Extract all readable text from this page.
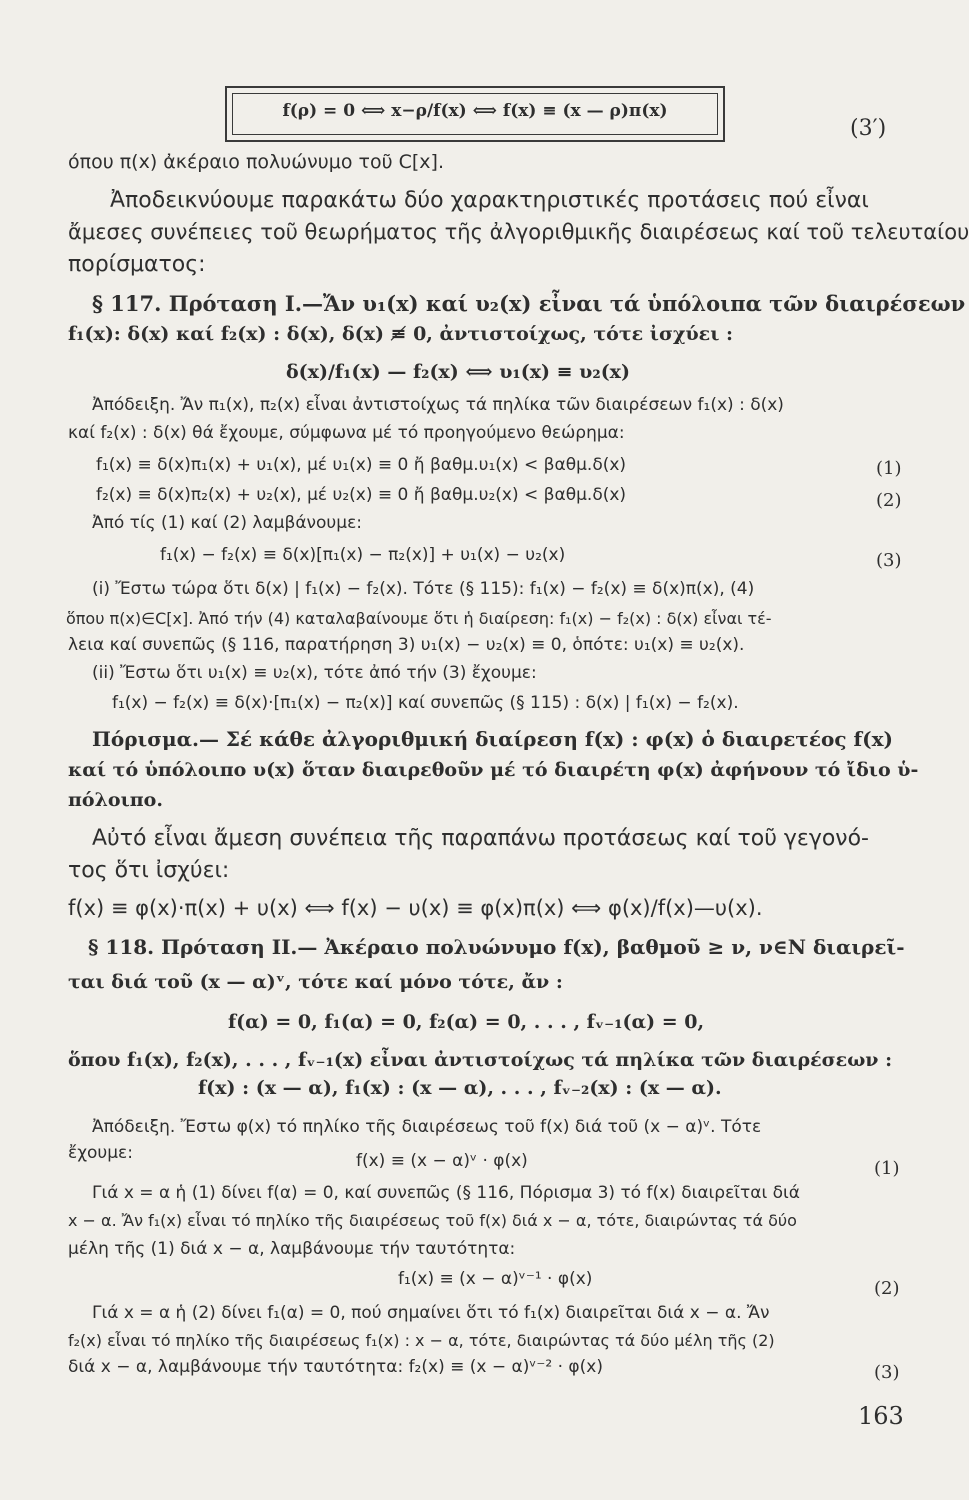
f(ρ) = 0 ⟺ x−ρ/f(x) ⟺ f(x) ≡ (x — ρ)π(x)
(3′)
όπου π(x) ἀκέραιο πολυώνυμο τοῦ C[x].
Ἀποδεικνύουμε παρακάτω δύο χαρακτηριστικές προτάσεις πού εἶναι
ἄμεσες συνέπειες τοῦ θεωρήματος τῆς ἀλγοριθμικῆς διαιρέσεως καί τοῦ τελευταίου
πορίσματος:
§ 117. Πρόταση I.—Ἄν υ₁(x) καί υ₂(x) εἶναι τά ὑπόλοιπα τῶν διαιρέσεων
f₁(x): δ(x) καί f₂(x) : δ(x), δ(x) ≢ 0, ἀντιστοίχως, τότε ἰσχύει :
δ(x)/f₁(x) — f₂(x) ⟺ υ₁(x) ≡ υ₂(x)
Ἀπόδειξη. Ἄν π₁(x), π₂(x) εἶναι ἀντιστοίχως τά πηλίκα τῶν διαιρέσεων f₁(x) : δ(x)
καί f₂(x) : δ(x) θά ἔχουμε, σύμφωνα μέ τό προηγούμενο θεώρημα:
f₁(x) ≡ δ(x)π₁(x) + υ₁(x), μέ υ₁(x) ≡ 0 ἤ βαθμ.υ₁(x) < βαθμ.δ(x)	(1)
f₂(x) ≡ δ(x)π₂(x) + υ₂(x), μέ υ₂(x) ≡ 0 ἤ βαθμ.υ₂(x) < βαθμ.δ(x)	(2)
Ἀπό τίς (1) καί (2) λαμβάνουμε:
f₁(x) − f₂(x) ≡ δ(x)[π₁(x) − π₂(x)] + υ₁(x) − υ₂(x)	(3)
(i) Ἔστω τώρα ὅτι δ(x) | f₁(x) − f₂(x). Τότε (§ 115): f₁(x) − f₂(x) ≡ δ(x)π(x), (4)
ὅπου π(x)∈C[x]. Ἀπό τήν (4) καταλαβαίνουμε ὅτι ἡ διαίρεση: f₁(x) − f₂(x) : δ(x) εἶναι τέ-
λεια καί συνεπῶς (§ 116, παρατήρηση 3) υ₁(x) − υ₂(x) ≡ 0, ὁπότε: υ₁(x) ≡ υ₂(x).
(ii) Ἔστω ὅτι υ₁(x) ≡ υ₂(x), τότε ἀπό τήν (3) ἔχουμε:
f₁(x) − f₂(x) ≡ δ(x)·[π₁(x) − π₂(x)] καί συνεπῶς (§ 115) : δ(x) | f₁(x) − f₂(x).
Πόρισμα.— Σέ κάθε ἀλγοριθμική διαίρεση f(x) : φ(x) ὁ διαιρετέος f(x)
καί τό ὑπόλοιπο υ(x) ὅταν διαιρεθοῦν μέ τό διαιρέτη φ(x) ἀφήνουν τό ἴδιο ὑ-
πόλοιπο.
Αὐτό εἶναι ἄμεση συνέπεια τῆς παραπάνω προτάσεως καί τοῦ γεγονό-
τος ὅτι ἰσχύει:
f(x) ≡ φ(x)·π(x) + υ(x) ⟺ f(x) − υ(x) ≡ φ(x)π(x) ⟺ φ(x)/f(x)—υ(x).
§ 118. Πρόταση II.— Ἀκέραιο πολυώνυμο f(x), βαθμοῦ ≥ ν, ν∈N διαιρεῖ-
ται διά τοῦ (x — α)ᵛ, τότε καί μόνο τότε, ἄν :
f(α) = 0, f₁(α) = 0, f₂(α) = 0, . . . , fᵥ₋₁(α) = 0,
ὅπου f₁(x), f₂(x), . . . , fᵥ₋₁(x) εἶναι ἀντιστοίχως τά πηλίκα τῶν διαιρέσεων :
f(x) : (x — α), f₁(x) : (x — α), . . . , fᵥ₋₂(x) : (x — α).
Ἀπόδειξη. Ἔστω φ(x) τό πηλίκο τῆς διαιρέσεως τοῦ f(x) διά τοῦ (x − α)ᵛ. Τότε
ἔχουμε:	f(x) ≡ (x − α)ᵛ · φ(x)	(1)
Γιά x = α ἡ (1) δίνει f(α) = 0, καί συνεπῶς (§ 116, Πόρισμα 3) τό f(x) διαιρεῖται διά
x − α. Ἄν f₁(x) εἶναι τό πηλίκο τῆς διαιρέσεως τοῦ f(x) διά x − α, τότε, διαιρώντας τά δύο
μέλη τῆς (1) διά x − α, λαμβάνουμε τήν ταυτότητα:
f₁(x) ≡ (x − α)ᵛ⁻¹ · φ(x)	(2)
Γιά x = α ἡ (2) δίνει f₁(α) = 0, πού σημαίνει ὅτι τό f₁(x) διαιρεῖται διά x − α. Ἄν
f₂(x) εἶναι τό πηλίκο τῆς διαιρέσεως f₁(x) : x − α, τότε, διαιρώντας τά δύο μέλη τῆς (2)
διά x − α, λαμβάνουμε τήν ταυτότητα: f₂(x) ≡ (x − α)ᵛ⁻² · φ(x)	(3)
163
